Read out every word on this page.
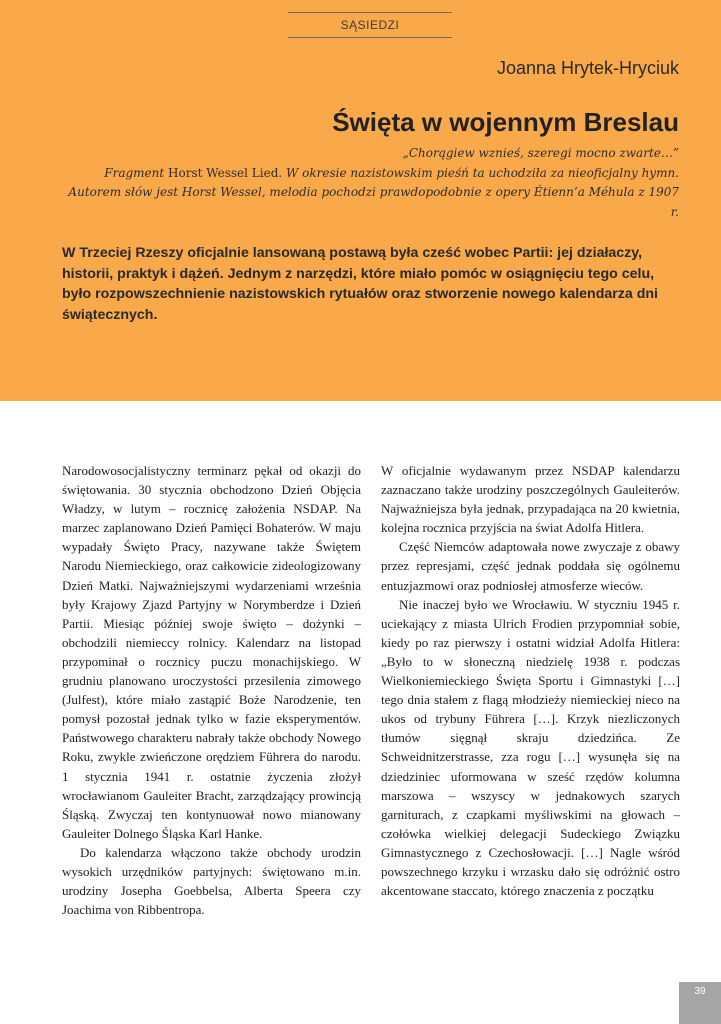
SĄSIEDZI
Joanna Hrytek-Hryciuk
Święta w wojennym Breslau
„Chorągiew wznieś, szeregi mocno zwarte…”
Fragment Horst Wessel Lied. W okresie nazistowskim pieśń ta uchodziła za nieoficjalny hymn.
Autorem słów jest Horst Wessel, melodia pochodzi prawdopodobnie z opery Étienn’a Méhula z 1907 r.
W Trzeciej Rzeszy oficjalnie lansowaną postawą była cześć wobec Partii: jej działaczy, historii, praktyk i dążeń. Jednym z narzędzi, które miało pomóc w osiągnięciu tego celu, było rozpowszechnienie nazistowskich rytuałów oraz stworzenie nowego kalendarza dni świątecznych.

Narodowosocjalistyczny terminarz pękał od okazji do świętowania. 30 stycznia obchodzono Dzień Objęcia Władzy, w lutym – rocznicę założenia NSDAP. Na marzec zaplanowano Dzień Pamięci Bohaterów. W maju wypadały Święto Pracy, nazywane także Świętem Narodu Niemieckiego, oraz całkowicie zideologizowany Dzień Matki. Najważniejszymi wydarzeniami września były Krajowy Zjazd Partyjny w Norymberdze i Dzień Partii. Miesiąc później swoje święto – dożynki – obchodzili niemieccy rolnicy. Kalendarz na listopad przypominał o rocznicy puczu monachijskiego. W grudniu planowano uroczystości przesilenia zimowego (Julfest), które miało zastąpić Boże Narodzenie, ten pomysł pozostał jednak tylko w fazie eksperymentów. Państwowego charakteru nabrały także obchody Nowego Roku, zwykle zwieńczone orędziem Führera do narodu. 1 stycznia 1941 r. ostatnie życzenia złożył wrocławianom Gauleiter Bracht, zarządzający prowincją Śląską. Zwyczaj ten kontynuował nowo mianowany Gauleiter Dolnego Śląska Karl Hanke.

Do kalendarza włączono także obchody urodzin wysokich urzędników partyjnych: świętowano m.in. urodziny Josepha Goebbelsa, Alberta Speera czy Joachima von Ribbentropa.

W oficjalnie wydawanym przez NSDAP kalendarzu zaznaczano także urodziny poszczególnych Gauleiterów. Najważniejsza była jednak, przypadająca na 20 kwietnia, kolejna rocznica przyjścia na świat Adolfa Hitlera.

Część Niemców adaptowała nowe zwyczaje z obawy przez represjami, część jednak poddała się ogólnemu entuzjazmowi oraz podniosłej atmosferze wieców.

Nie inaczej było we Wrocławiu. W styczniu 1945 r. uciekający z miasta Ulrich Frodien przypomniał sobie, kiedy po raz pierwszy i ostatni widział Adolfa Hitlera: „Było to w słoneczną niedzielę 1938 r. podczas Wielkoniemieckiego Święta Sportu i Gimnastyki […] tego dnia stałem z flagą młodzieży niemieckiej nieco na ukos od trybuny Führera […]. Krzyk niezliczonych tłumów sięgnął skraju dziedzińca. Ze Schweidnitzerstrasse, zza rogu […] wysunęła się na dziedziniec uformowana w sześć rzędów kolumna marszowa – wszyscy w jednakowych szarych garniturach, z czapkami myśliwskimi na głowach – czołówka wielkiej delegacji Sudeckiego Związku Gimnastycznego z Czechosłowacji. […] Nagle wśród powszechnego krzyku i wrzasku dało się odróżnić ostro akcentowane staccato, którego znaczenia z początku

39
